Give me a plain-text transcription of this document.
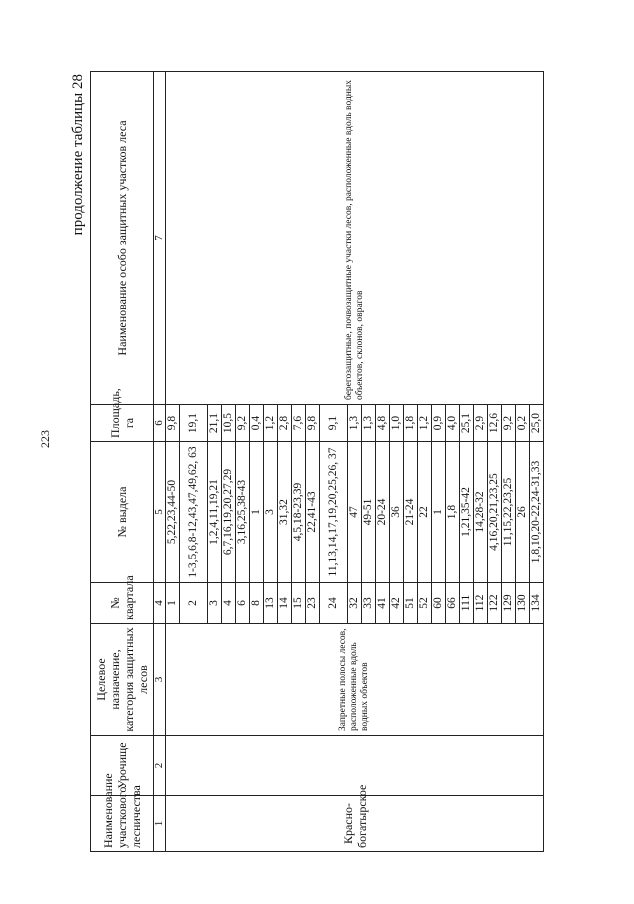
223
продолжение таблицы 28
Наименование участкового лесничества	Урочище	Целевое назначение, категория защитных лесов	№ квартала	№ выдела	Площадь, га	Наименование особо защитных участков леса
1	2	3	4	5	6	7
Красно-богатырское		Запретные полосы лесов, расположенные вдоль водных объектов	1	5,22,23,44-50	9,8	берегозащитные, почвозащитные участки лесов, расположенные вдоль водных объектов, склонов, оврагов
			2	1-3,5,6,8-12,43,47,49,62, 63	19,1	
			3	1,2,4,11,19,21	21,1	
			4	6,7,16,19,20,27,29	10,5	
			6	3,16,25,38-43	9,2	
			8	1	0,4	
			13	3	1,2	
			14	31,32	2,8	
			15	4,5,18-23,39	7,6	
			23	22,41-43	9,8	
			24	11,13,14,17,19,20,25,26, 37	9,1	
			32	47	1,3	
			33	49-51	1,3	
			41	20-24	4,8	
			42	36	1,0	
			51	21-24	1,8	
			52	22	1,2	
			60	1	0,9	
			66	1,8	4,0	
			111	1,21,35-42	25,1	
			112	14,28-32	2,9	
			122	4,16,20,21,23,25	12,6	
			129	11,15,22,23,25	9,2	
			130	26	0,2	
			134	1,8,10,20-22,24-31,33	25,0	
